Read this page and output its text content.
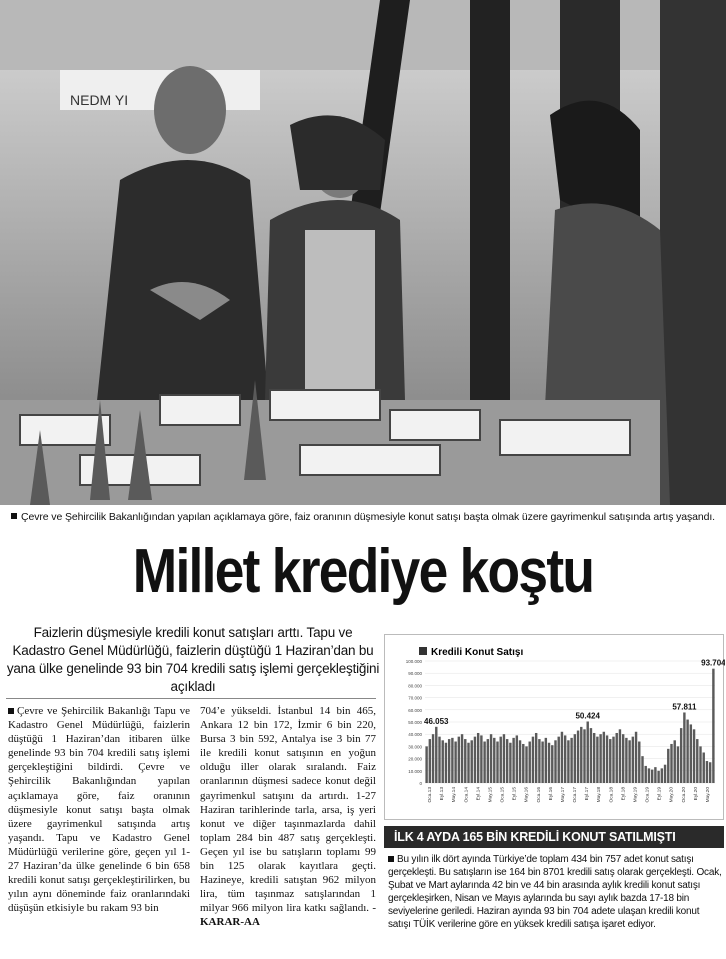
NEDM YI
Çevre ve Şehircilik Bakanlığından yapılan açıklamaya göre, faiz oranının düşmesiyle konut satışı başta olmak üzere gayrimenkul satışında artış yaşandı.
Millet krediye koştu
Faizlerin düşmesiyle kredili konut satışları arttı. Tapu ve Kadastro Genel Müdürlüğü, faizlerin düştüğü 1 Haziran’dan bu yana ülke genelinde 93 bin 704 kredili satış işlemi gerçekleştiğini açıkladı
Çevre ve Şehircilik Bakanlığı Tapu ve Kadastro Genel Müdürlüğü, faizlerin düştüğü 1 Haziran’dan itibaren ülke genelinde 93 bin 704 kredili satış işlemi gerçekleştiğini bildirdi. Çevre ve Şehircilik Bakanlığından yapılan açıklamaya göre, faiz oranının düşmesiyle konut satışı başta olmak üzere gayrimenkul satışında artış yaşandı. Tapu ve Kadastro Genel Müdürlüğü verilerine göre, geçen yıl 1-27 Haziran’da ülke genelinde 6 bin 658 kredili konut satışı gerçekleştirilirken, bu yılın aynı döneminde faiz oranlarındaki düşüşün etkisiyle bu rakam 93 bin
704’e yükseldi. İstanbul 14 bin 465, Ankara 12 bin 172, İzmir 6 bin 220, Bursa 3 bin 592, Antalya ise 3 bin 77 ile kredili konut satışının en yoğun olduğu iller olarak sıralandı. Faiz oranlarının düşmesi sadece konut değil gayrimenkul satışını da artırdı. 1-27 Haziran tarihlerinde tarla, arsa, iş yeri konut ve diğer taşınmazlarda dahil toplam 284 bin 487 satış gerçekleşti. Geçen yıl ise bu satışların toplamı 99 bin 125 olarak kayıtlara geçti. Hazineye, kredili satıştan 962 milyon lira, tüm taşınmaz satışlarından 1 milyar 966 milyon lira katkı sağlandı. -KARAR-AA
Kredili Konut Satışı
100.000
90.000
80.000
70.000
60.000
50.000
40.000
30.000
20.000
10.000
0
46.053
50.424
57.811
93.704
Oca.13 Eyl.13 May.14 Oca.14 Eyl.14 May.15 Oca.15 Eyl.15 May.16 Oca.16 Eyl.16 May.17 Oca.17 Eyl.17 May.18 Oca.18 Eyl.18 May.19 Oca.19 Eyl.19 May.20 Oca.20 Eyl.20 May.20
İLK 4 AYDA 165 BİN KREDİLİ KONUT SATILMIŞTI
Bu yılın ilk dört ayında Türkiye’de toplam 434 bin 757 adet konut satışı gerçekleşti. Bu satışların ise 164 bin 8701 kredili satış olarak gerçekleşti. Ocak, Şubat ve Mart aylarında 42 bin ve 44 bin arasında aylık kredili konut satışı gerçekleşirken, Nisan ve Mayıs aylarında bu sayı aylık bazda 17-18 bin seviyelerine geriledi. Haziran ayında 93 bin 704 adete ulaşan kredili konut satışı TÜİK verilerine göre en yüksek kredili satışa işaret ediyor.
